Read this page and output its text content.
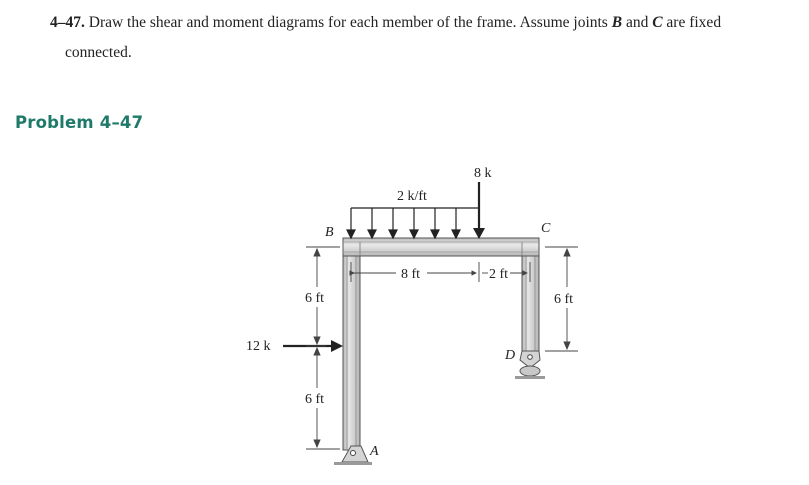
4–47. Draw the shear and moment diagrams for each member of the frame. Assume joints B and C are fixed
connected.
Problem 4–47
2 k/ft
8 k
12 k
B	C
A
D
8 ft	2 ft
6 ft
6 ft
6 ft
